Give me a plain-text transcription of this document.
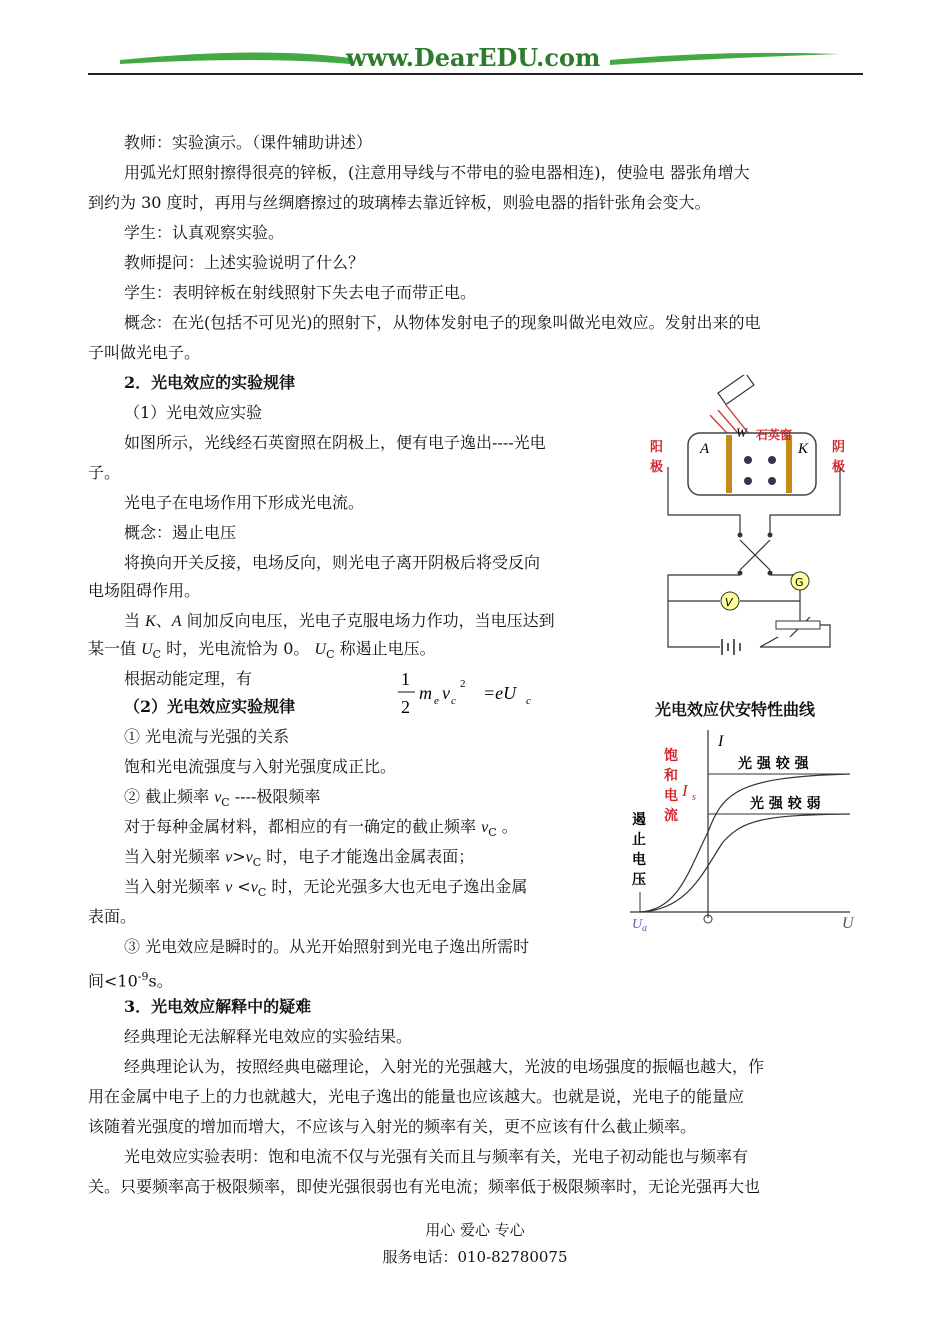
www.DearEDU.com
教师：实验演示。（课件辅助讲述）
用弧光灯照射擦得很亮的锌板，(注意用导线与不带电的验电器相连)，使验电 器张角增大
到约为 30 度时，再用与丝绸磨擦过的玻璃棒去靠近锌板，则验电器的指针张角会变大。
学生：认真观察实验。
教师提问：上述实验说明了什么？
学生：表明锌板在射线照射下失去电子而带正电。
概念：在光(包括不可见光)的照射下，从物体发射电子的现象叫做光电效应。发射出来的电
子叫做光电子。
2．光电效应的实验规律
（1）光电效应实验
如图所示，光线经石英窗照在阴极上，便有电子逸出----光电
子。
光电子在电场作用下形成光电流。
概念：遏止电压
将换向开关反接，电场反向，则光电子离开阴极后将受反向
电场阻碍作用。
当 K、A 间加反向电压，光电子克服电场力作功，当电压达到
某一值 $U_C$ 时，光电流恰为 0。 $U_C$ 称遏止电压。
根据动能定理，有	1
2
m e v c
2 =eU c
（2）光电效应实验规律
① 光电流与光强的关系
饱和光电流强度与入射光强度成正比。
② 截止频率 $v_C$ ----极限频率
对于每种金属材料，都相应的有一确定的截止频率 $v_C$ 。
当入射光频率 $v>v_C$ 时，电子才能逸出金属表面；
当入射光频率 $v <v_C$ 时，无论光强多大也无电子逸出金属
表面。
③ 光电效应是瞬时的。从光开始照射到光电子逸出所需时
间$<10^{-9}s$。
3．光电效应解释中的疑难
经典理论无法解释光电效应的实验结果。
经典理论认为，按照经典电磁理论，入射光的光强越大，光波的电场强度的振幅也越大，作
用在金属中电子上的力也就越大，光电子逸出的能量也应该越大。也就是说，光电子的能量应
该随着光强度的增加而增大，不应该与入射光的频率有关，更不应该有什么截止频率。
光电效应实验表明：饱和电流不仅与光强有关而且与频率有关，光电子初动能也与频率有
关。只要频率高于极限频率，即使光强很弱也有光电流；频率低于极限频率时，无论光强再大也
A	K
W 石英窗
阳
极
阴
极
G
V
光电效应伏安特性曲线
I
U
O
光 强 较 强
光 强 较 弱
饱
和
电
流
I s
遏
止
电
压
U a
用心 爱心 专心
服务电话：010-82780075
